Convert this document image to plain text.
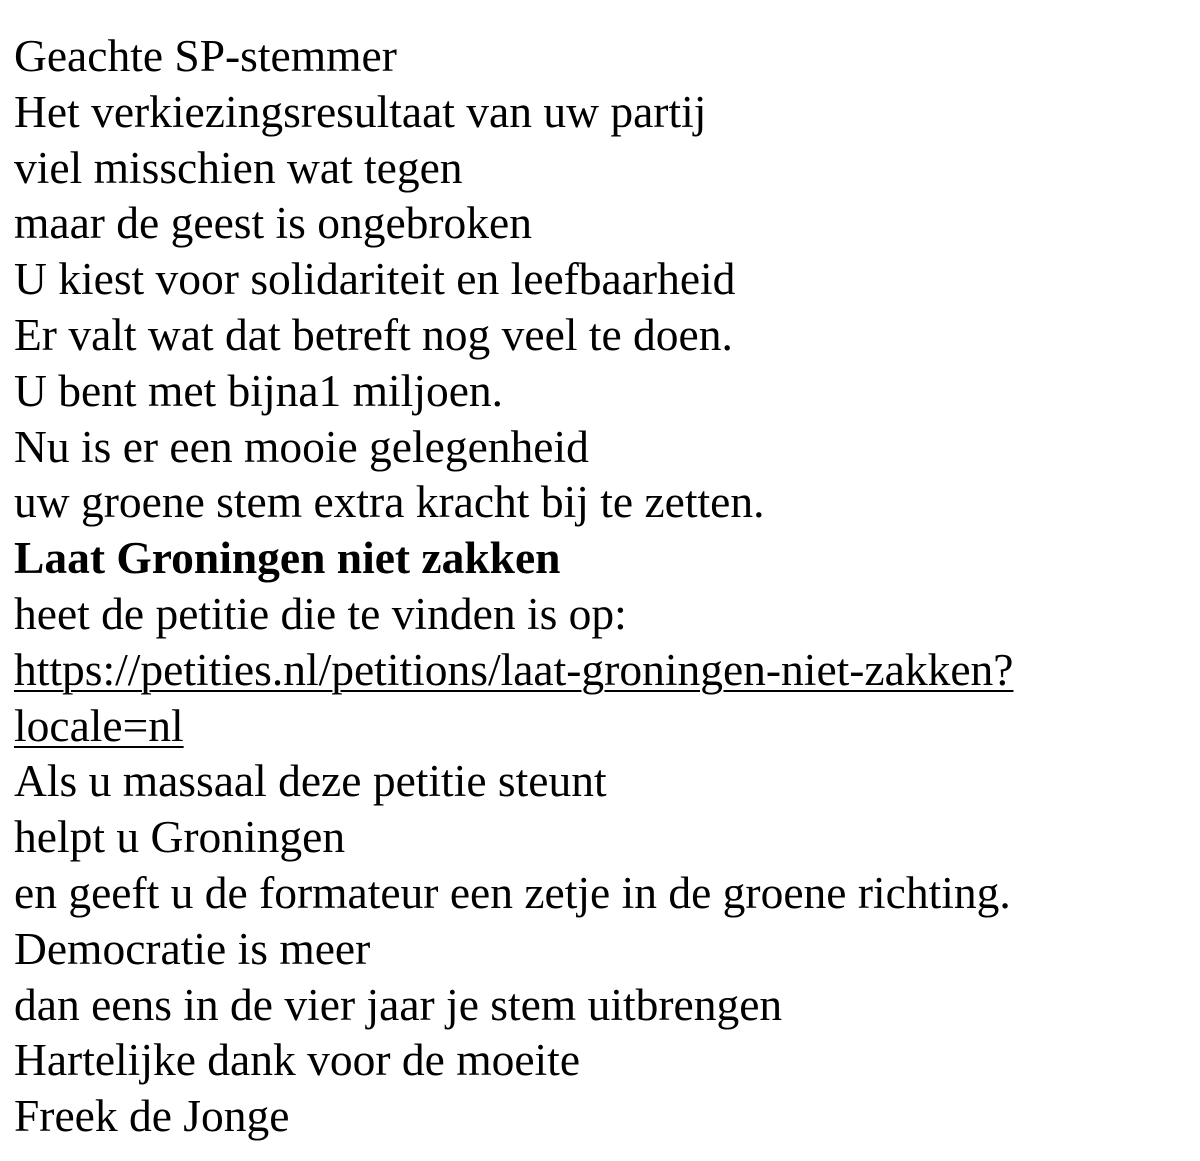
Geachte SP-stemmer
Het verkiezingsresultaat van uw partij
viel misschien wat tegen
maar de geest is ongebroken
U kiest voor solidariteit en leefbaarheid
Er valt wat dat betreft nog veel te doen.
U bent met bijna1 miljoen.
Nu is er een mooie gelegenheid
uw groene stem extra kracht bij te zetten.
Laat Groningen niet zakken
heet de petitie die te vinden is op:
https://petities.nl/petitions/laat-groningen-niet-zakken?
locale=nl
Als u massaal deze petitie steunt
helpt u Groningen
en geeft u de formateur een zetje in de groene richting.
Democratie is meer
dan eens in de vier jaar je stem uitbrengen
Hartelijke dank voor de moeite
Freek de Jonge
